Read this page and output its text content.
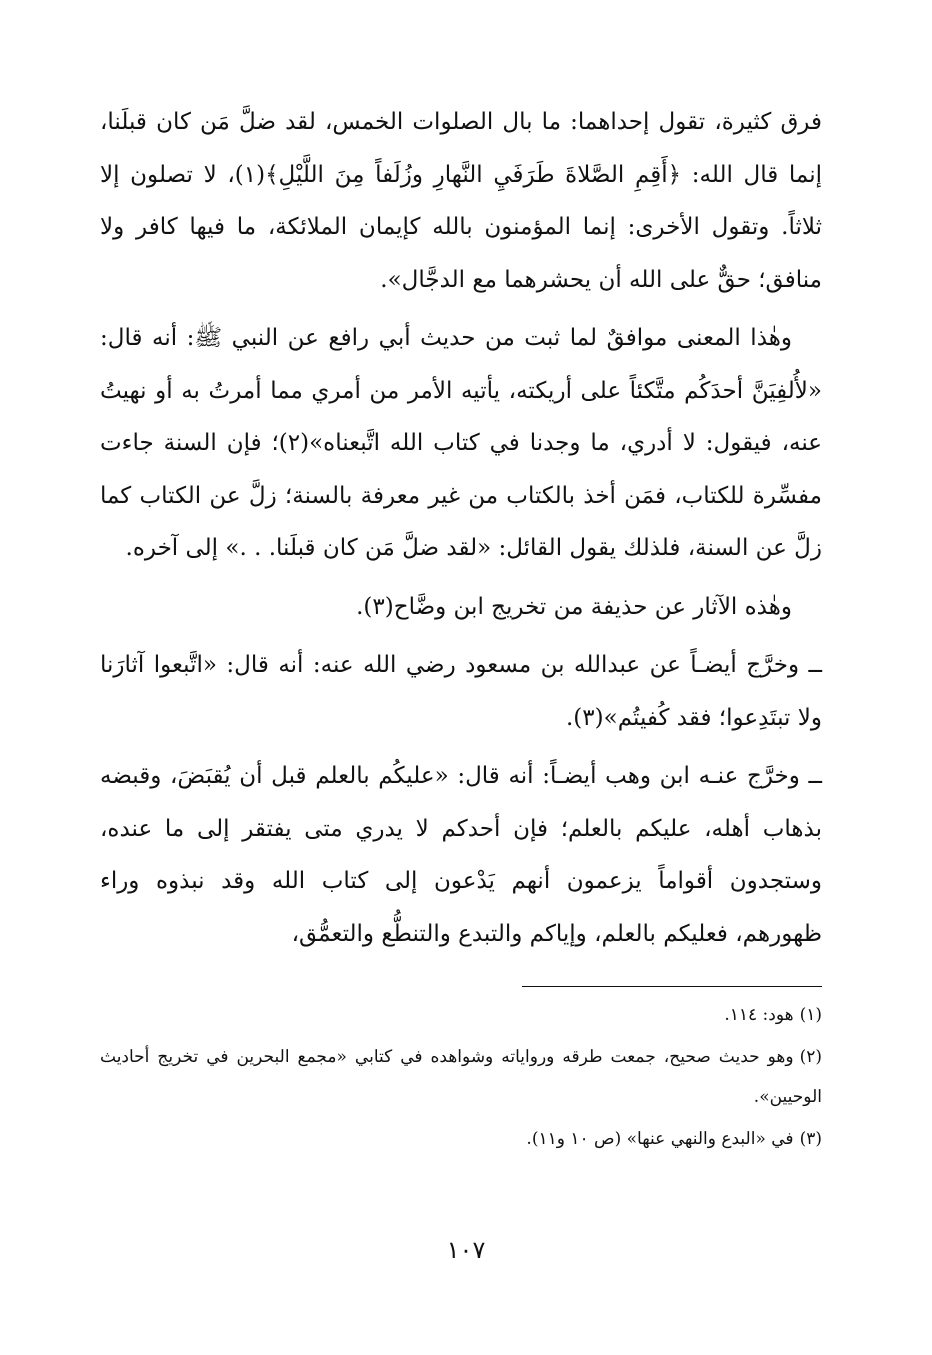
فرق كثيرة، تقول إحداهما: ما بال الصلوات الخمس، لقد ضلَّ مَن كان قبلَنا، إنما قال الله: ﴿أَقِمِ الصَّلاةَ طَرَفَيِ النَّهارِ وزُلَفاً مِنَ اللَّيْلِ﴾(١)، لا تصلون إلا ثلاثاً. وتقول الأخرى: إنما المؤمنون بالله كإيمان الملائكة، ما فيها كافر ولا منافق؛ حقٌّ على الله أن يحشرهما مع الدجَّال».

وهٰذا المعنى موافقٌ لما ثبت من حديث أبي رافع عن النبي ﷺ: أنه قال: «لأُلفِيَنَّ أحدَكُم متَّكئاً على أريكته، يأتيه الأمر من أمري مما أمرتُ به أو نهيتُ عنه، فيقول: لا أدري، ما وجدنا في كتاب الله اتَّبعناه»(٢)؛ فإن السنة جاءت مفسِّرة للكتاب، فمَن أخذ بالكتاب من غير معرفة بالسنة؛ زلَّ عن الكتاب كما زلَّ عن السنة، فلذلك يقول القائل: «لقد ضلَّ مَن كان قبلَنا. . .» إلى آخره.

وهٰذه الآثار عن حذيفة من تخريج ابن وضَّاح(٣).

ــ وخرَّج أيضـاً عن عبدالله بن مسعود رضي الله عنه: أنه قال: «اتَّبعوا آثارَنا ولا تبتَدِعوا؛ فقد كُفيتُم»(٣).

ــ وخرَّج عنـه ابن وهب أيضـاً: أنه قال: «عليكُم بالعلم قبل أن يُقبَضَ، وقبضه بذهاب أهله، عليكم بالعلم؛ فإن أحدكم لا يدري متى يفتقر إلى ما عنده، وستجدون أقواماً يزعمون أنهم يَدْعون إلى كتاب الله وقد نبذوه وراء ظهورهم، فعليكم بالعلم، وإياكم والتبدع والتنطُّع والتعمُّق،

(١)هود: ١١٤.

(٢)وهو حديث صحيح، جمعت طرقه ورواياته وشواهده في كتابي «مجمع البحرين في تخريج أحاديث الوحيين».

(٣)في «البدع والنهي عنها» (ص ١٠ و١١).

١٠٧
